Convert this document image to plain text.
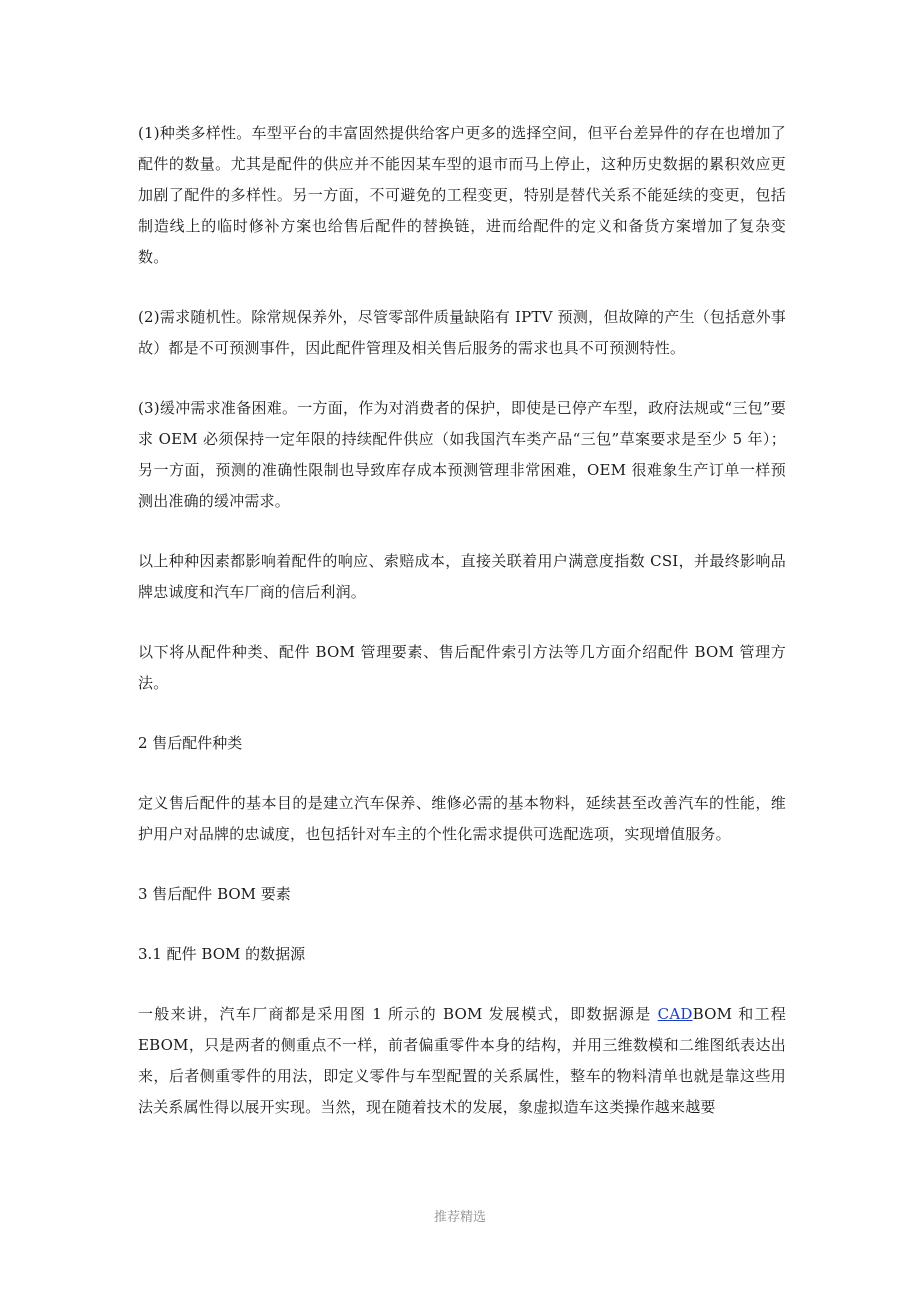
(1)种类多样性。车型平台的丰富固然提供给客户更多的选择空间，但平台差异件的存在也增加了配件的数量。尤其是配件的供应并不能因某车型的退市而马上停止，这种历史数据的累积效应更加剧了配件的多样性。另一方面，不可避免的工程变更，特别是替代关系不能延续的变更，包括制造线上的临时修补方案也给售后配件的替换链，进而给配件的定义和备货方案增加了复杂变数。

(2)需求随机性。除常规保养外，尽管零部件质量缺陷有 IPTV 预测，但故障的产生（包括意外事故）都是不可预测事件，因此配件管理及相关售后服务的需求也具不可预测特性。

(3)缓冲需求准备困难。一方面，作为对消费者的保护，即使是已停产车型，政府法规或“三包”要求 OEM 必须保持一定年限的持续配件供应（如我国汽车类产品“三包”草案要求是至少 5 年）；另一方面，预测的准确性限制也导致库存成本预测管理非常困难，OEM 很难象生产订单一样预测出准确的缓冲需求。

以上种种因素都影响着配件的响应、索赔成本，直接关联着用户满意度指数 CSI，并最终影响品牌忠诚度和汽车厂商的信后利润。

以下将从配件种类、配件 BOM 管理要素、售后配件索引方法等几方面介绍配件 BOM 管理方法。

2 售后配件种类

定义售后配件的基本目的是建立汽车保养、维修必需的基本物料，延续甚至改善汽车的性能，维护用户对品牌的忠诚度，也包括针对车主的个性化需求提供可选配选项，实现增值服务。

3 售后配件 BOM 要素

3.1 配件 BOM 的数据源

一般来讲，汽车厂商都是采用图 1 所示的 BOM 发展模式，即数据源是 CADBOM 和工程 EBOM，只是两者的侧重点不一样，前者偏重零件本身的结构，并用三维数模和二维图纸表达出来，后者侧重零件的用法，即定义零件与车型配置的关系属性，整车的物料清单也就是靠这些用法关系属性得以展开实现。当然，现在随着技术的发展，象虚拟造车这类操作越来越要

推荐精选
